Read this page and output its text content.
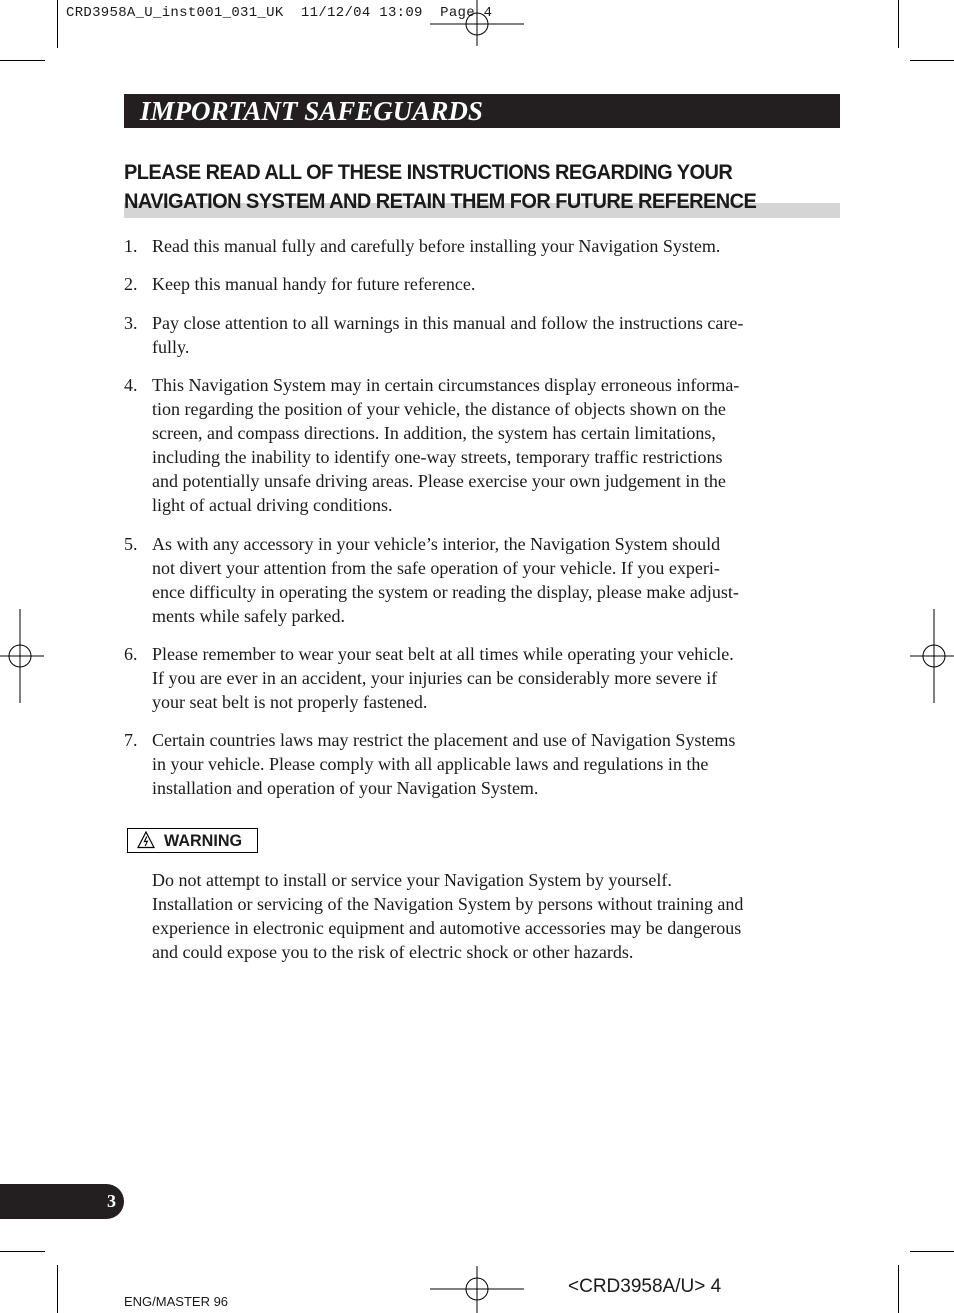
CRD3958A_U_inst001_031_UK  11/12/04 13:09  Page 4
IMPORTANT SAFEGUARDS
PLEASE READ ALL OF THESE INSTRUCTIONS REGARDING YOUR
NAVIGATION SYSTEM AND RETAIN THEM FOR FUTURE REFERENCE
1. Read this manual fully and carefully before installing your Navigation System.
2. Keep this manual handy for future reference.
3. Pay close attention to all warnings in this manual and follow the instructions care-
fully.
4. This Navigation System may in certain circumstances display erroneous informa-
tion regarding the position of your vehicle, the distance of objects shown on the
screen, and compass directions. In addition, the system has certain limitations,
including the inability to identify one-way streets, temporary traffic restrictions
and potentially unsafe driving areas. Please exercise your own judgement in the
light of actual driving conditions.
5. As with any accessory in your vehicle’s interior, the Navigation System should
not divert your attention from the safe operation of your vehicle. If you experi-
ence difficulty in operating the system or reading the display, please make adjust-
ments while safely parked.
6. Please remember to wear your seat belt at all times while operating your vehicle.
If you are ever in an accident, your injuries can be considerably more severe if
your seat belt is not properly fastened.
7. Certain countries laws may restrict the placement and use of Navigation Systems
in your vehicle. Please comply with all applicable laws and regulations in the
installation and operation of your Navigation System.
WARNING
Do not attempt to install or service your Navigation System by yourself.
Installation or servicing of the Navigation System by persons without training and
experience in electronic equipment and automotive accessories may be dangerous
and could expose you to the risk of electric shock or other hazards.
3
ENG/MASTER 96
<CRD3958A/U> 4
